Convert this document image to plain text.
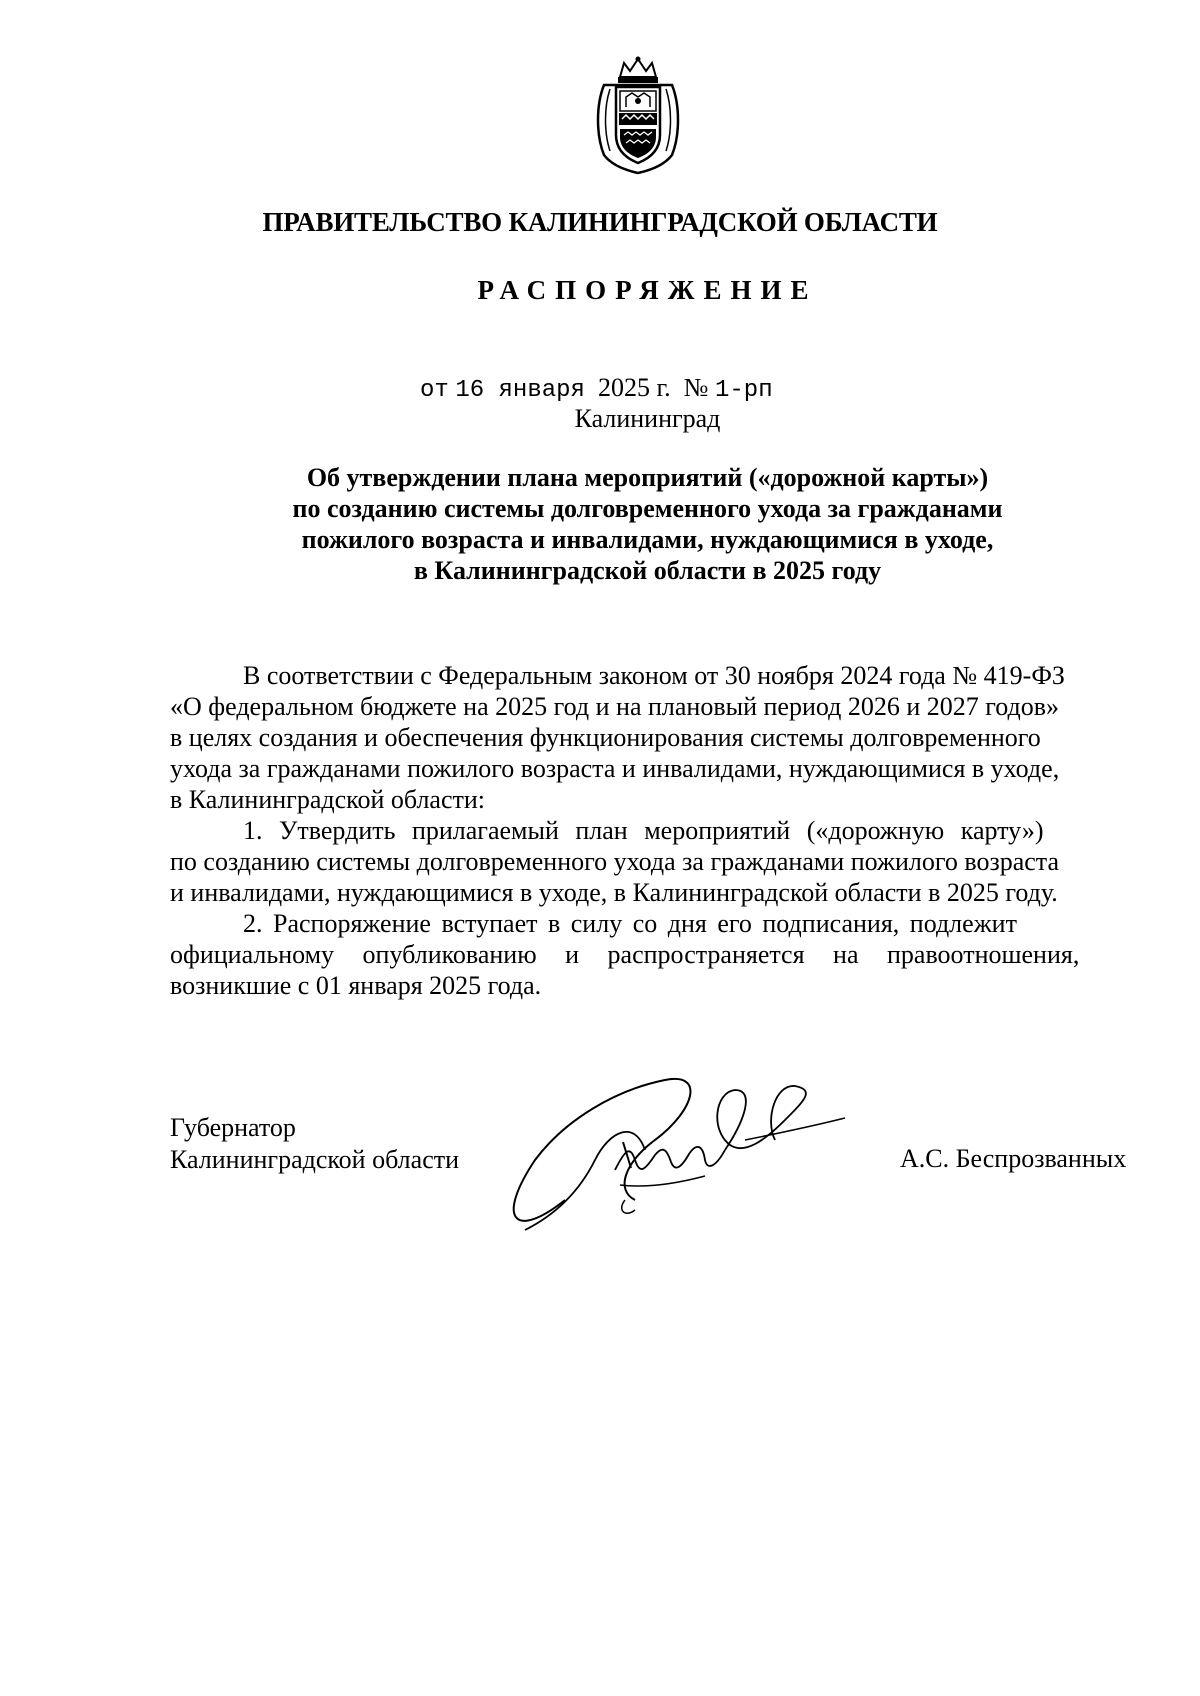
ПРАВИТЕЛЬСТВО КАЛИНИНГРАДСКОЙ ОБЛАСТИ
РАСПОРЯЖЕНИЕ
от 16 января 2025 г. № 1-рп
Калининград
Об утверждении плана мероприятий («дорожной карты»)
по созданию системы долговременного ухода за гражданами
пожилого возраста и инвалидами, нуждающимися в уходе,
в Калининградской области в 2025 году
В соответствии с Федеральным законом от 30 ноября 2024 года № 419-ФЗ
«О федеральном бюджете на 2025 год и на плановый период 2026 и 2027 годов»
в целях создания и обеспечения функционирования системы долговременного
ухода за гражданами пожилого возраста и инвалидами, нуждающимися в уходе,
в Калининградской области:
1. Утвердить прилагаемый план мероприятий («дорожную карту»)
по созданию системы долговременного ухода за гражданами пожилого возраста
и инвалидами, нуждающимися в уходе, в Калининградской области в 2025 году.
2. Распоряжение вступает в силу со дня его подписания, подлежит
официальному опубликованию и распространяется на правоотношения,
возникшие с 01 января 2025 года.
Губернатор
Калининградской области	А.С. Беспрозванных
